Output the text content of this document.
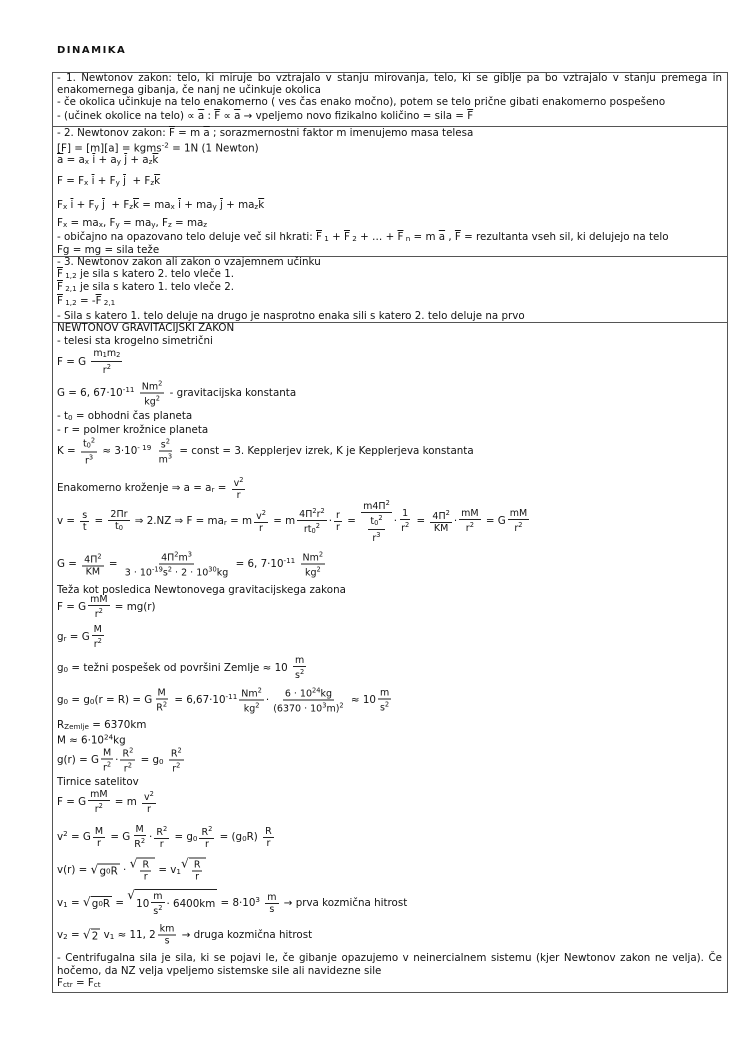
DINAMIKA
- 1. Newtonov zakon: telo, ki miruje bo vztrajalo v stanju mirovanja, telo, ki se giblje pa bo vztrajalo v stanju premega in
enakomernega gibanja, če nanj ne učinkuje okolica
- če okolica učinkuje na telo enakomerno ( ves čas enako močno), potem se telo prične gibati enakomerno pospešeno
- (učinek okolice na telo) ∝ $\overline{a}$ : $\overline{F} \propto \overline{a}$ → vpeljemo novo fizikalno količino = sila = $\overline{F}$
- 2. Newtonov zakon: $\overline{F} = m$ $\overline{a}$ ; sorazmernostni faktor m imenujemo masa telesa
[F] = [m][a] = kgms$^{-2}$ = 1N (1 Newton)
$\overline{a}$ = ax $\overline{i}$ + ay $\overline{j} + az\overline{k}$
F = Fx $\overline{i} + Fy$ $\overline{j} + Fz\overline{k}$
Fx $\overline{i} + Fy$ $\overline{j} + Fz\overline{k} = \max \overline{i}$ + may $\overline{j} + maz\overline{k}$
Fx = max, Fy = may, Fz = maz
- običajno na opazovano telo deluje več sil hkrati: $\overline{F}$ $1 + \overline{F}$ 2 + … + $\overline{F}$ n = m $\overline{a}$ , $\overline{F}$ = rezultanta vseh sil, ki delujejo na telo
Fg = mg = sila teže
- 3. Newtonov zakon ali zakon o vzajemnem učinku
$\overline{F}$ 1,2 je sila s katero 2. telo vleče 1.
$\overline{F}$ 2,1 je sila s katero 1. telo vleče 2.
$\overline{F}$ $1,2 = -\overline{F}$ 2,1
- Sila s katero 1. telo deluje na drugo je nasprotno enaka sili s katero 2. telo deluje na prvo
NEWTONOV GRAVITACIJSKI ZAKON
- telesi sta krogelno simetrični
F = G $\frac{m1m2}{r^2}$
G = 6, $67\cdot 10^{-11} \frac{Nm^2}{kg^2}$ - gravitacijska konstanta
- t0 = obhodni čas planeta
- r = polmer krožnice planeta
$K = \frac{t0^2}{r^3} \approx 3\cdot 10^{- 19} \frac{s^2}{m^3}$ = const = 3. Kepplerjev izrek, K je Kepplerjeva konstanta
Enakomerno kroženje ⇒ a = ar = $\frac{v^2}{r}$
$v = \frac{s}{t} = \frac{2\Pi r}{t0}$ ⇒ 2.NZ ⇒ F = mar = m $\frac{v^2}{r} = m \frac{4\Pi^2r^2}{rt0^2} \cdot \frac{r}{r} = \frac{m4\Pi^2}{\frac{t0^2}{r^3}} \cdot \frac{1}{r^2} = \frac{4\Pi^2}{KM} \cdot \frac{mM}{r^2} = G \frac{mM}{r^2}$
$G = \frac{4\Pi^2}{KM} = \frac{4\Pi^2m^3}{3 \cdot 10^{-19}s^2 \cdot 2 \cdot 10^{30}kg} = 6$, $7\cdot 10^{-11} \frac{Nm^2}{kg^2}$
Teža kot posledica Newtonovega gravitacijskega zakona
F = G $\frac{mM}{r^2} = mg(r)$
gr = G $\frac{M}{r^2}$
g0 = težni pospešek od površini Zemlje ≈ $10 \frac{m}{s^2}$
g0 = g0(r = R) = G $\frac{M}{R^2} = 6,67\cdot 10^{-11} \frac{Nm^2}{kg^2} \cdot \frac{6 \cdot 10^{24}kg}{(6370 \cdot 10^3m)^2} \approx 10 \frac{m}{s^2}$
RZemlje = 6370km
$M \approx 6\cdot 10^{24}kg$
g(r) = G $\frac{M}{r^2} \cdot \frac{R^2}{r^2} = g0 \frac{R^2}{r^2}$
Tirnice satelitov
F = G $\frac{mM}{r^2} = m \frac{v^2}{r}$
$v^2 = G \frac{M}{r} = G \frac{M}{R^2} \cdot \frac{R^2}{r} = g0 \frac{R^2}{r} = (g0R) \frac{R}{r}$
v(r) = √ g 0 R · √ $\frac{R}{r} = v1$
√ $\frac{R}{r}$
v1 = √ g 0 R =
√
$10 \frac{m}{s^2} \cdot 6400km = 8\cdot 10^3 \frac{m}{s}$ → prva kozmična hitrost
v2 = √ 2 v1 ≈ 11, $2 \frac{km}{s}$ → druga kozmična hitrost
- Centrifugalna sila je sila, ki se pojavi le, če gibanje opazujemo v neinercialnem sistemu (kjer Newtonov zakon ne velja). Če
hočemo, da NZ velja vpeljemo sistemske sile ali navidezne sile
Fctr = Fct
